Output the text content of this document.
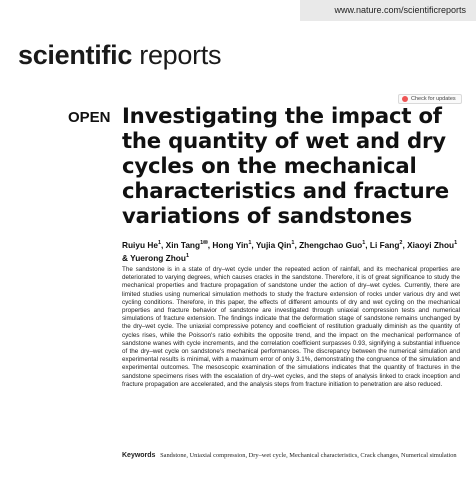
www.nature.com/scientificreports
scientific reports
Check for updates
OPEN Investigating the impact of the quantity of wet and dry cycles on the mechanical characteristics and fracture variations of sandstones
Ruiyu He$^1$, Xin Tang$^{1✉}$, Hong Yin$^1$, Yujia Qin$^1$, Zhengchao Guo$^1$, Li Fang$^2$, Xiaoyi Zhou$^1$ & Yuerong Zhou$^1$
The sandstone is in a state of dry–wet cycle under the repeated action of rainfall, and its mechanical properties are deteriorated to varying degrees, which causes cracks in the sandstone. Therefore, it is of great significance to study the mechanical properties and fracture propagation of sandstone under the action of dry–wet cycles. Currently, there are limited studies using numerical simulation methods to study the fracture extension of rocks under various dry and wet cycling conditions. Therefore, in this paper, the effects of different amounts of dry and wet cycling on the mechanical properties and fracture behavior of sandstone are investigated through uniaxial compression tests and numerical simulations of fracture extension. The findings indicate that the deformation stage of sandstone remains unchanged by the dry–wet cycle. The uniaxial compressive potency and coefficient of restitution gradually diminish as the quantity of cycles rises, while the Poisson's ratio exhibits the opposite trend, and the impact on the mechanical performance of sandstone wanes with cycle increments, and the correlation coefficient surpasses 0.93, signifying a substantial influence of the dry–wet cycle on sandstone's mechanical performances. The discrepancy between the numerical simulation and experimental results is minimal, with a maximum error of only 3.1%, demonstrating the congruence of the simulation and experimental outcomes. The mesoscopic examination of the simulations indicates that the quantity of fractures in the sandstone specimens rises with the escalation of dry–wet cycles, and the steps of analysis linked to crack inception and fracture propagation are accelerated, and the analysis steps from fracture initiation to penetration are also reduced.
Keywords Sandstone, Uniaxial compression, Dry–wet cycle, Mechanical characteristics, Crack changes, Numerical simulation
